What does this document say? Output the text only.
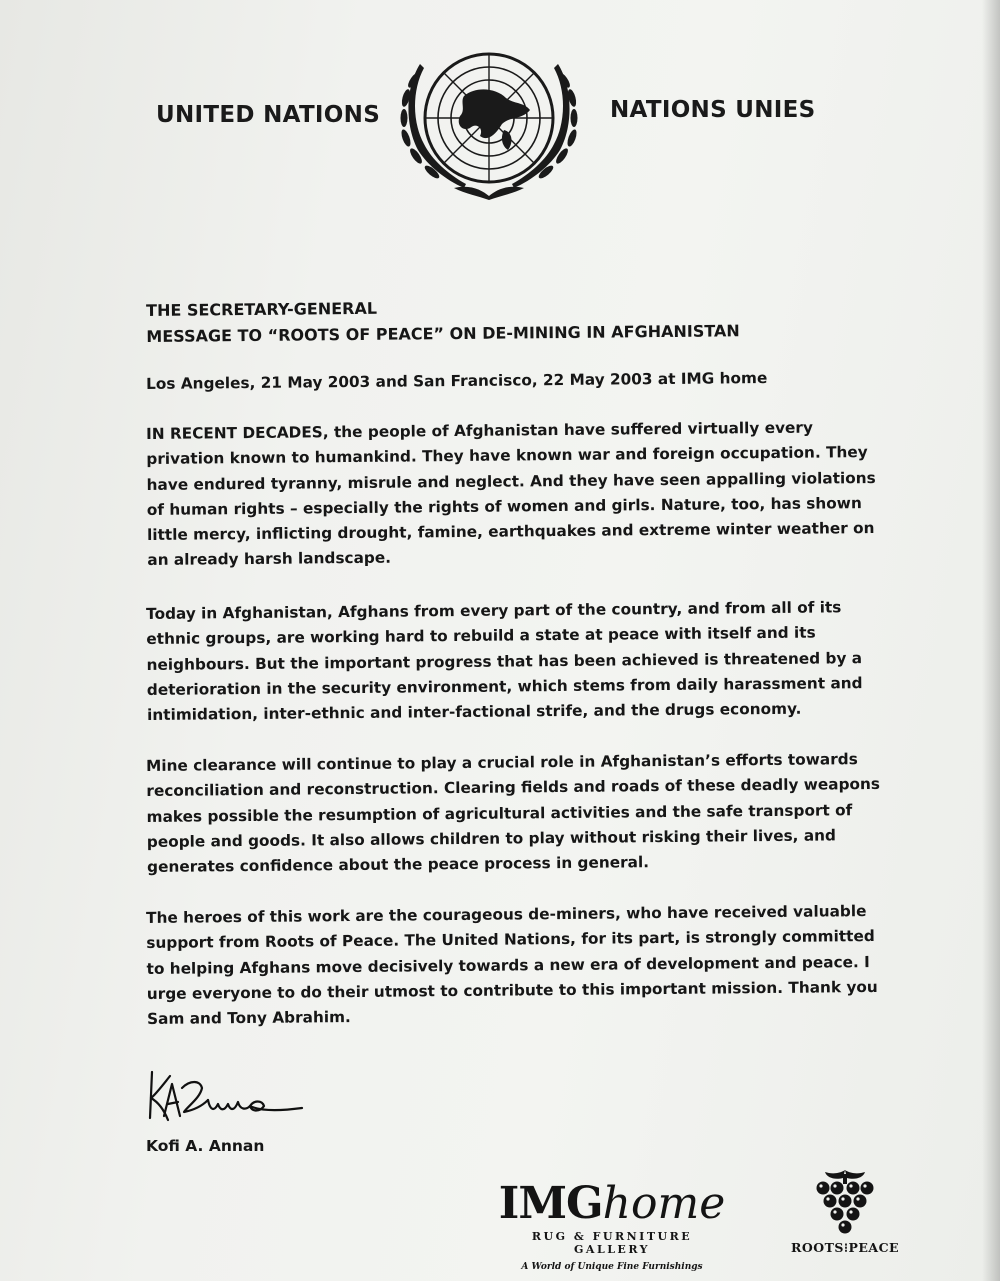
UNITED NATIONS	NATIONS UNIES
THE SECRETARY-GENERAL
MESSAGE TO “ROOTS OF PEACE” ON DE-MINING IN AFGHANISTAN
Los Angeles, 21 May 2003 and San Francisco, 22 May 2003 at IMG home
IN RECENT DECADES, the people of Afghanistan have suffered virtually every privation known to humankind. They have known war and foreign occupation. They have endured tyranny, misrule and neglect. And they have seen appalling violations of human rights – especially the rights of women and girls. Nature, too, has shown little mercy, inflicting drought, famine, earthquakes and extreme winter weather on an already harsh landscape.
Today in Afghanistan, Afghans from every part of the country, and from all of its ethnic groups, are working hard to rebuild a state at peace with itself and its neighbours. But the important progress that has been achieved is threatened by a deterioration in the security environment, which stems from daily harassment and intimidation, inter-ethnic and inter-factional strife, and the drugs economy.
Mine clearance will continue to play a crucial role in Afghanistan’s efforts towards reconciliation and reconstruction. Clearing fields and roads of these deadly weapons makes possible the resumption of agricultural activities and the safe transport of people and goods. It also allows children to play without risking their lives, and generates confidence about the peace process in general.
The heroes of this work are the courageous de-miners, who have received valuable support from Roots of Peace. The United Nations, for its part, is strongly committed to helping Afghans move decisively towards a new era of development and peace. I urge everyone to do their utmost to contribute to this important mission. Thank you Sam and Tony Abrahim.
Kofi A. Annan
IMGhome
RUG & FURNITURE GALLERY
A World of Unique Fine Furnishings
ROOTS⁝PEACE
